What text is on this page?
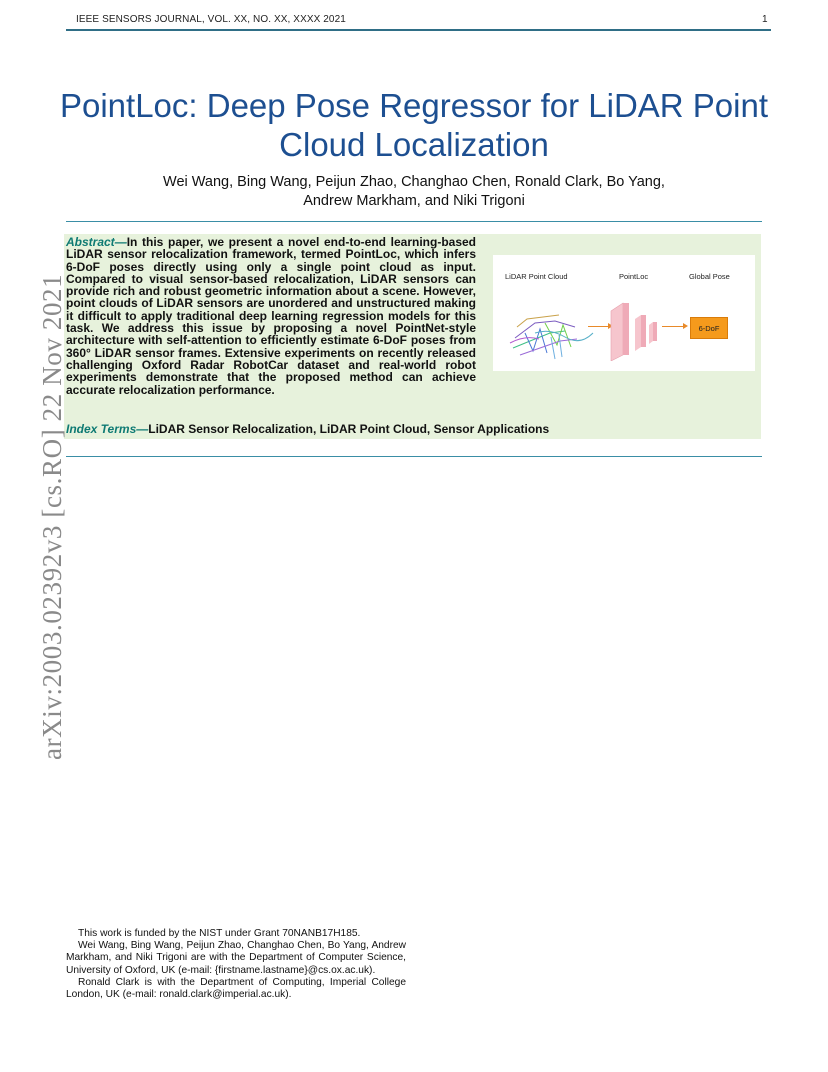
IEEE SENSORS JOURNAL, VOL. XX, NO. XX, XXXX 2021	1
PointLoc: Deep Pose Regressor for LiDAR Point Cloud Localization
Wei Wang, Bing Wang, Peijun Zhao, Changhao Chen, Ronald Clark, Bo Yang,
Andrew Markham, and Niki Trigoni
Abstract—In this paper, we present a novel end-to-end learning-based LiDAR sensor relocalization framework, termed PointLoc, which infers 6-DoF poses directly using only a single point cloud as input. Compared to visual sensor-based relocalization, LiDAR sensors can provide rich and robust geometric information about a scene. However, point clouds of LiDAR sensors are unordered and unstructured making it difficult to apply traditional deep learning regression models for this task. We address this issue by proposing a novel PointNet-style architecture with self-attention to efficiently estimate 6-DoF poses from 360° LiDAR sensor frames. Extensive experiments on recently released challenging Oxford Radar RobotCar dataset and real-world robot experiments demonstrate that the proposed method can achieve accurate relocalization performance.
Index Terms—LiDAR Sensor Relocalization, LiDAR Point Cloud, Sensor Applications
LiDAR Point Cloud	PointLoc	Global Pose
6-DoF
arXiv:2003.02392v3 [cs.RO] 22 Nov 2021

This work is funded by the NIST under Grant 70NANB17H185.

Wei Wang, Bing Wang, Peijun Zhao, Changhao Chen, Bo Yang, Andrew Markham, and Niki Trigoni are with the Department of Computer Science, University of Oxford, UK (e-mail: {firstname.lastname}@cs.ox.ac.uk).

Ronald Clark is with the Department of Computing, Imperial College London, UK (e-mail: ronald.clark@imperial.ac.uk).
